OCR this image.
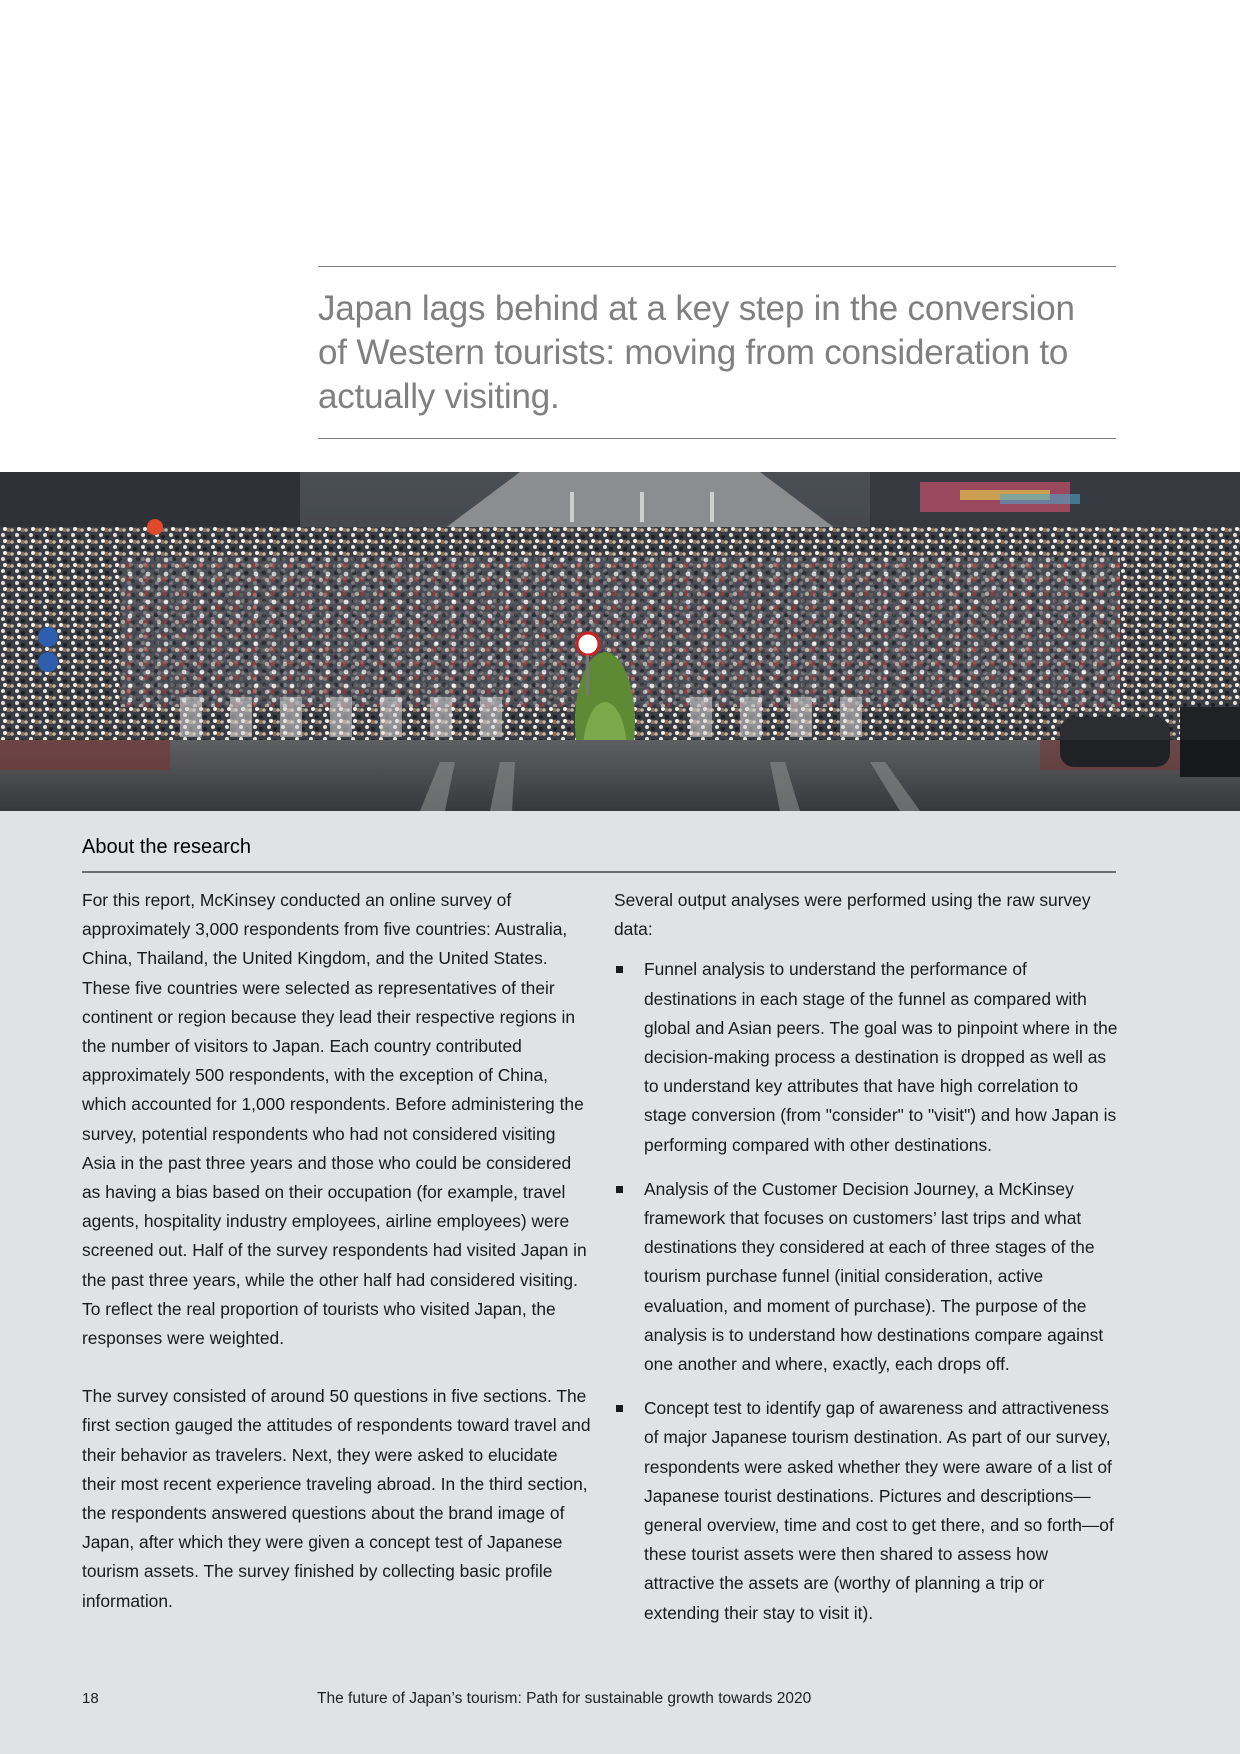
Japan lags behind at a key step in the conversion of Western tourists: moving from consideration to actually visiting.

About the research

For this report, McKinsey conducted an online survey of approximately 3,000 respondents from five countries: Australia, China, Thailand, the United Kingdom, and the United States. These five countries were selected as representatives of their continent or region because they lead their respective regions in the number of visitors to Japan. Each country contributed approximately 500 respondents, with the exception of China, which accounted for 1,000 respondents. Before administering the survey, potential respondents who had not considered visiting Asia in the past three years and those who could be considered as having a bias based on their occupation (for example, travel agents, hospitality industry employees, airline employees) were screened out. Half of the survey respondents had visited Japan in the past three years, while the other half had considered visiting. To reflect the real proportion of tourists who visited Japan, the responses were weighted.

The survey consisted of around 50 questions in five sections. The first section gauged the attitudes of respondents toward travel and their behavior as travelers. Next, they were asked to elucidate their most recent experience traveling abroad. In the third section, the respondents answered questions about the brand image of Japan, after which they were given a concept test of Japanese tourism assets. The survey finished by collecting basic profile information.

Several output analyses were performed using the raw survey data:

Funnel analysis to understand the performance of destinations in each stage of the funnel as compared with global and Asian peers. The goal was to pinpoint where in the decision-making process a destination is dropped as well as to understand key attributes that have high correlation to stage conversion (from "consider" to "visit") and how Japan is performing compared with other destinations.
Analysis of the Customer Decision Journey, a McKinsey framework that focuses on customers’ last trips and what destinations they considered at each of three stages of the tourism purchase funnel (initial consideration, active evaluation, and moment of purchase). The purpose of the analysis is to understand how destinations compare against one another and where, exactly, each drops off.
Concept test to identify gap of awareness and attractiveness of major Japanese tourism destination. As part of our survey, respondents were asked whether they were aware of a list of Japanese tourist destinations. Pictures and descriptions—general overview, time and cost to get there, and so forth—of these tourist assets were then shared to assess how attractive the assets are (worthy of planning a trip or extending their stay to visit it).
18	The future of Japan’s tourism: Path for sustainable growth towards 2020
